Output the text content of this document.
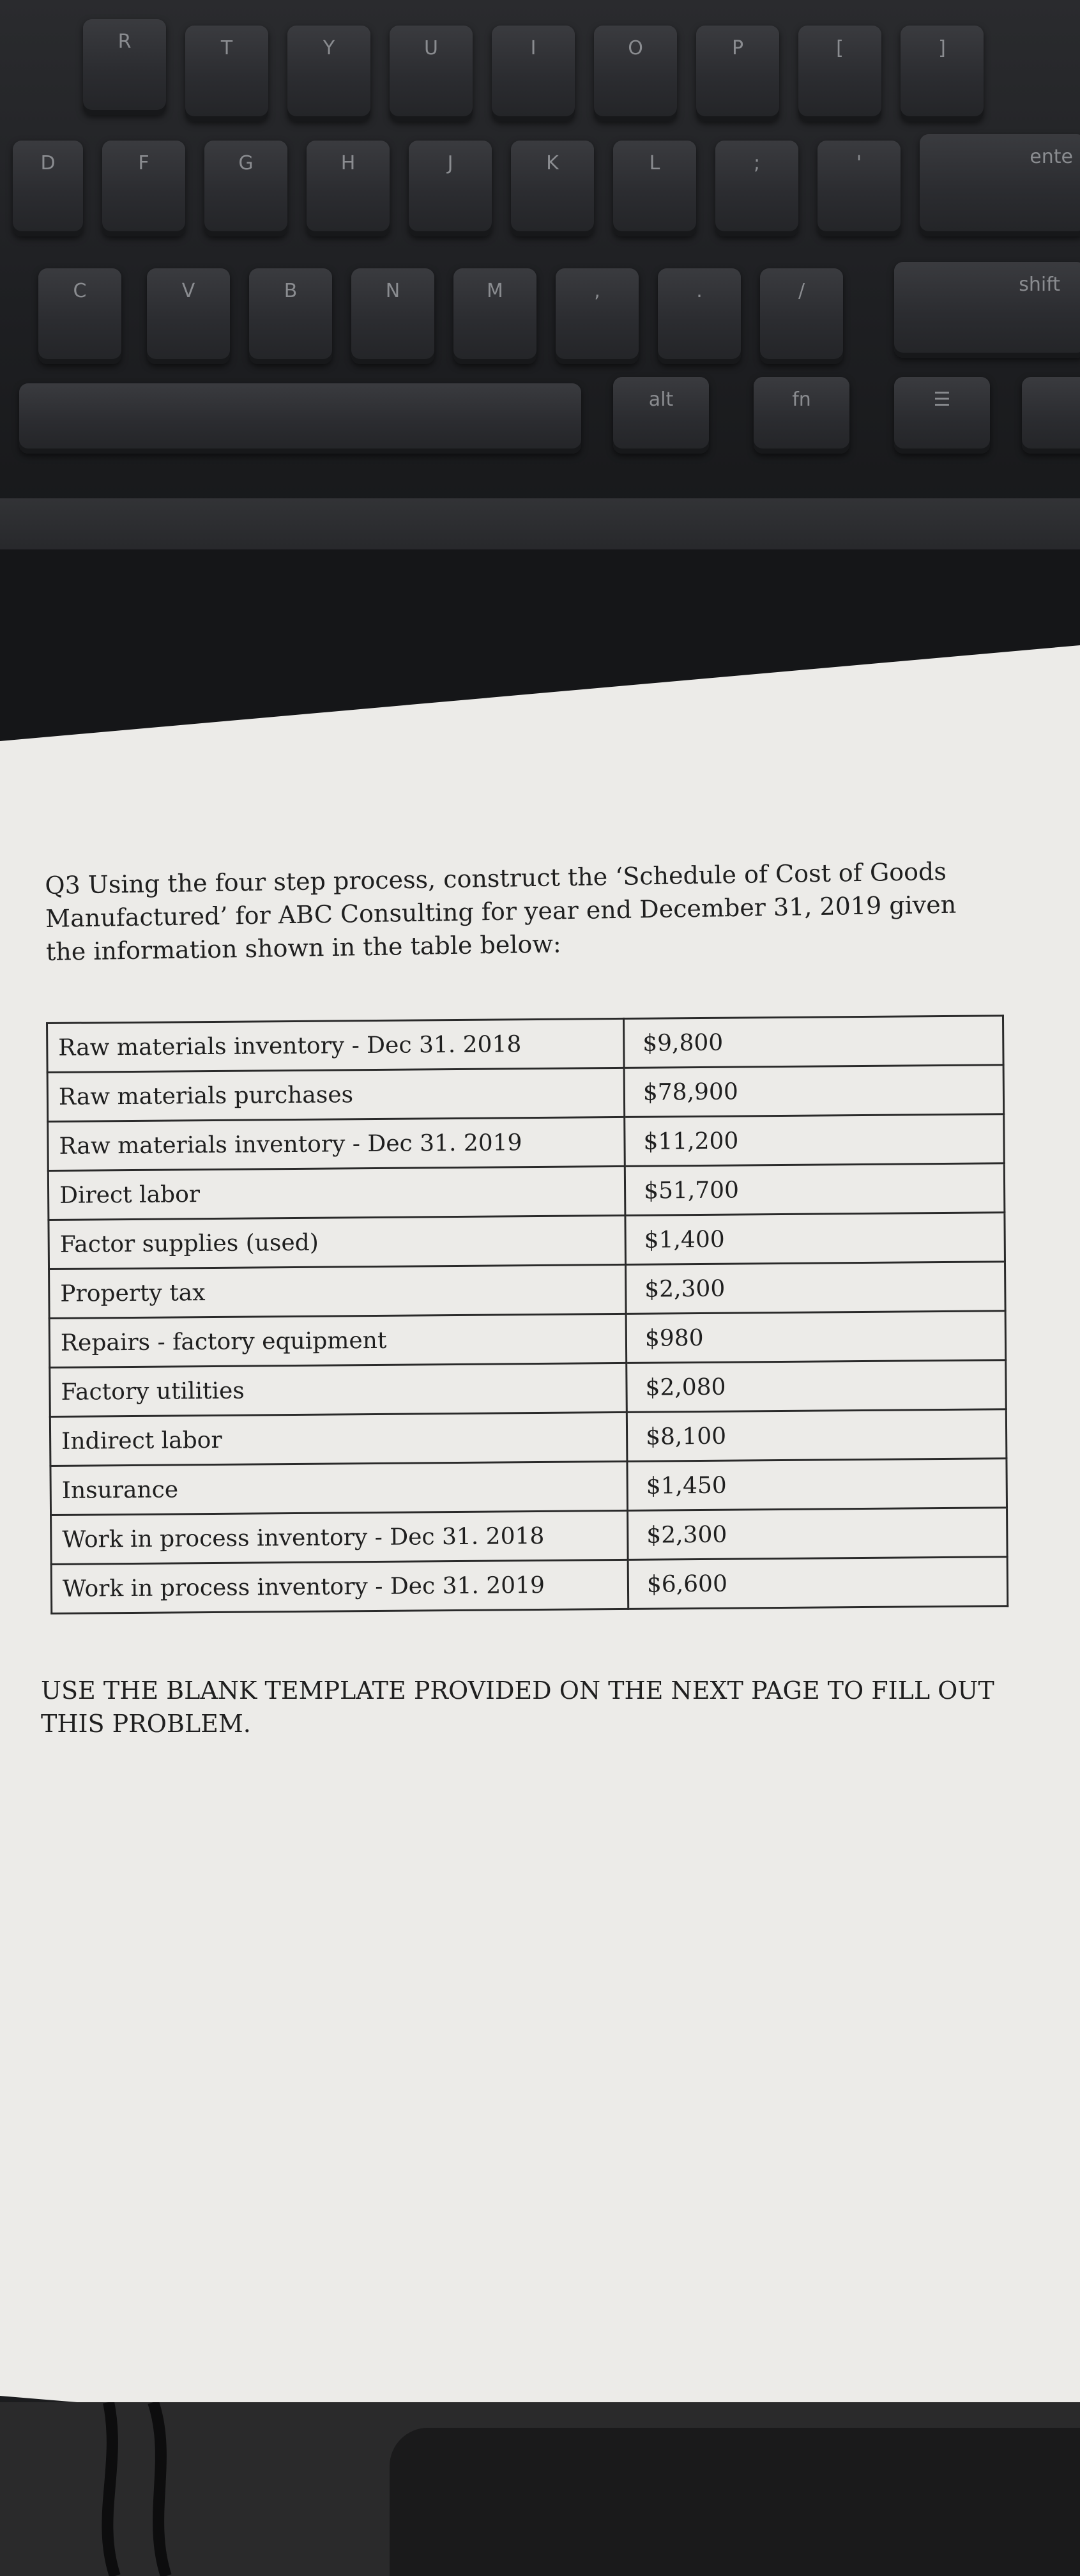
R	T	Y	U	I	O	P	[	]
D	F	G	H	J	K	L	;	'	ente
C	V	B	N	M	,	.	/	shift
alt	fn	☰

Q3 Using the four step process, construct the ‘Schedule of Cost of Goods Manufactured’ for ABC Consulting for year end December 31, 2019 given the information shown in the table below:

Raw materials inventory - Dec 31. 2018	$9,800
Raw materials purchases	$78,900
Raw materials inventory - Dec 31. 2019	$11,200
Direct labor	$51,700
Factor supplies (used)	$1,400
Property tax	$2,300
Repairs - factory equipment	$980
Factory utilities	$2,080
Indirect labor	$8,100
Insurance	$1,450
Work in process inventory - Dec 31. 2018	$2,300
Work in process inventory - Dec 31. 2019	$6,600

USE THE BLANK TEMPLATE PROVIDED ON THE NEXT PAGE TO FILL OUT THIS PROBLEM.
